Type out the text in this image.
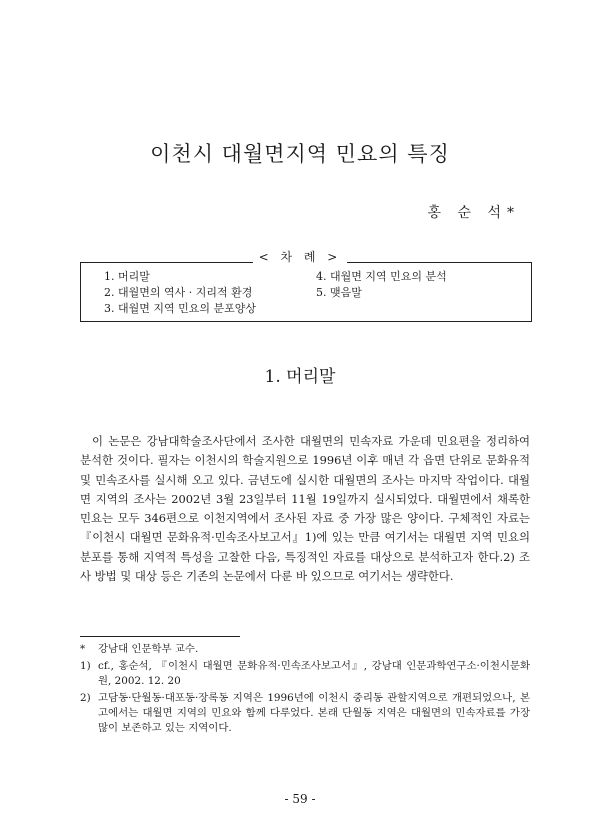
이천시 대월면지역 민요의 특징
홍 순 석*
< 차 례 >
1. 머리말
2. 대월면의 역사 · 지리적 환경
3. 대월면 지역 민요의 분포양상
4. 대월면 지역 민요의 분석
5. 맺음말
1. 머리말

이 논문은 강남대학술조사단에서 조사한 대월면의 민속자료 가운데 민요편을 정리하여 분석한 것이다. 필자는 이천시의 학술지원으로 1996년 이후 매년 각 읍면 단위로 문화유적 및 민속조사를 실시해 오고 있다. 금년도에 실시한 대월면의 조사는 마지막 작업이다. 대월면 지역의 조사는 2002년 3월 23일부터 11월 19일까지 실시되었다. 대월면에서 채록한 민요는 모두 346편으로 이천지역에서 조사된 자료 중 가장 많은 양이다. 구체적인 자료는 『이천시 대월면 문화유적·민속조사보고서』1)에 있는 만큼 여기서는 대월면 지역 민요의 분포를 통해 지역적 특성을 고찰한 다음, 특징적인 자료를 대상으로 분석하고자 한다.2) 조사 방법 및 대상 등은 기존의 논문에서 다룬 바 있으므로 여기서는 생략한다.

*	강남대 인문학부 교수.
1) cf., 홍순석, 『이천시 대월면 문화유적·민속조사보고서』, 강남대 인문과학연구소·이천시문화원, 2002. 12. 20
2) 고담동·단월동·대포동·장록동 지역은 1996년에 이천시 중리동 관할지역으로 개편되었으나, 본고에서는 대월면 지역의 민요와 함께 다루었다. 본래 단월동 지역은 대월면의 민속자료를 가장 많이 보존하고 있는 지역이다.
- 59 -
